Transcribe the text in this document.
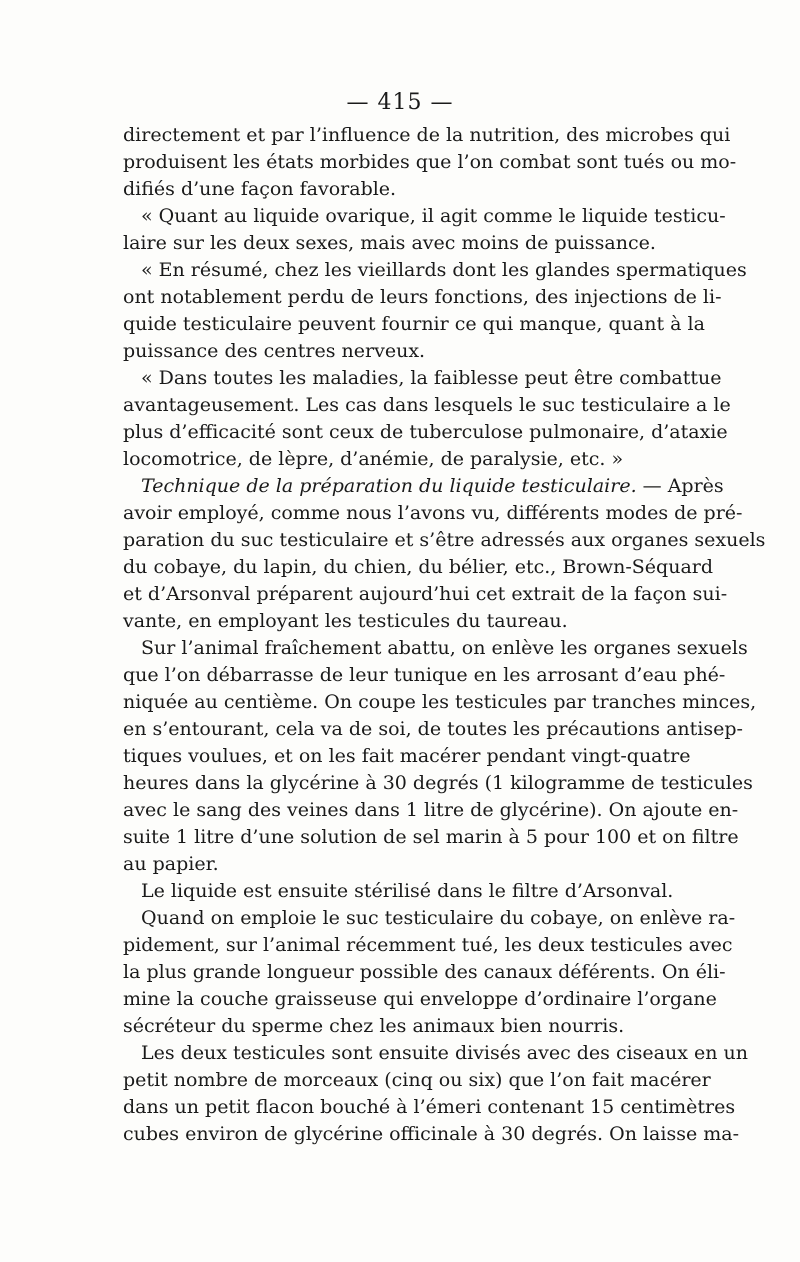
— 415 —
directement et par l’influence de la nutrition, des microbes qui
produisent les états morbides que l’on combat sont tués ou mo-
difiés d’une façon favorable.
« Quant au liquide ovarique, il agit comme le liquide testicu-
laire sur les deux sexes, mais avec moins de puissance.
« En résumé, chez les vieillards dont les glandes spermatiques
ont notablement perdu de leurs fonctions, des injections de li-
quide testiculaire peuvent fournir ce qui manque, quant à la
puissance des centres nerveux.
« Dans toutes les maladies, la faiblesse peut être combattue
avantageusement. Les cas dans lesquels le suc testiculaire a le
plus d’efficacité sont ceux de tuberculose pulmonaire, d’ataxie
locomotrice, de lèpre, d’anémie, de paralysie, etc. »
Technique de la préparation du liquide testiculaire. — Après
avoir employé, comme nous l’avons vu, différents modes de pré-
paration du suc testiculaire et s’être adressés aux organes sexuels
du cobaye, du lapin, du chien, du bélier, etc., Brown-Séquard
et d’Arsonval préparent aujourd’hui cet extrait de la façon sui-
vante, en employant les testicules du taureau.
Sur l’animal fraîchement abattu, on enlève les organes sexuels
que l’on débarrasse de leur tunique en les arrosant d’eau phé-
niquée au centième. On coupe les testicules par tranches minces,
en s’entourant, cela va de soi, de toutes les précautions antisep-
tiques voulues, et on les fait macérer pendant vingt-quatre
heures dans la glycérine à 30 degrés (1 kilogramme de testicules
avec le sang des veines dans 1 litre de glycérine). On ajoute en-
suite 1 litre d’une solution de sel marin à 5 pour 100 et on filtre
au papier.
Le liquide est ensuite stérilisé dans le filtre d’Arsonval.
Quand on emploie le suc testiculaire du cobaye, on enlève ra-
pidement, sur l’animal récemment tué, les deux testicules avec
la plus grande longueur possible des canaux déférents. On éli-
mine la couche graisseuse qui enveloppe d’ordinaire l’organe
sécréteur du sperme chez les animaux bien nourris.
Les deux testicules sont ensuite divisés avec des ciseaux en un
petit nombre de morceaux (cinq ou six) que l’on fait macérer
dans un petit flacon bouché à l’émeri contenant 15 centimètres
cubes environ de glycérine officinale à 30 degrés. On laisse ma-
